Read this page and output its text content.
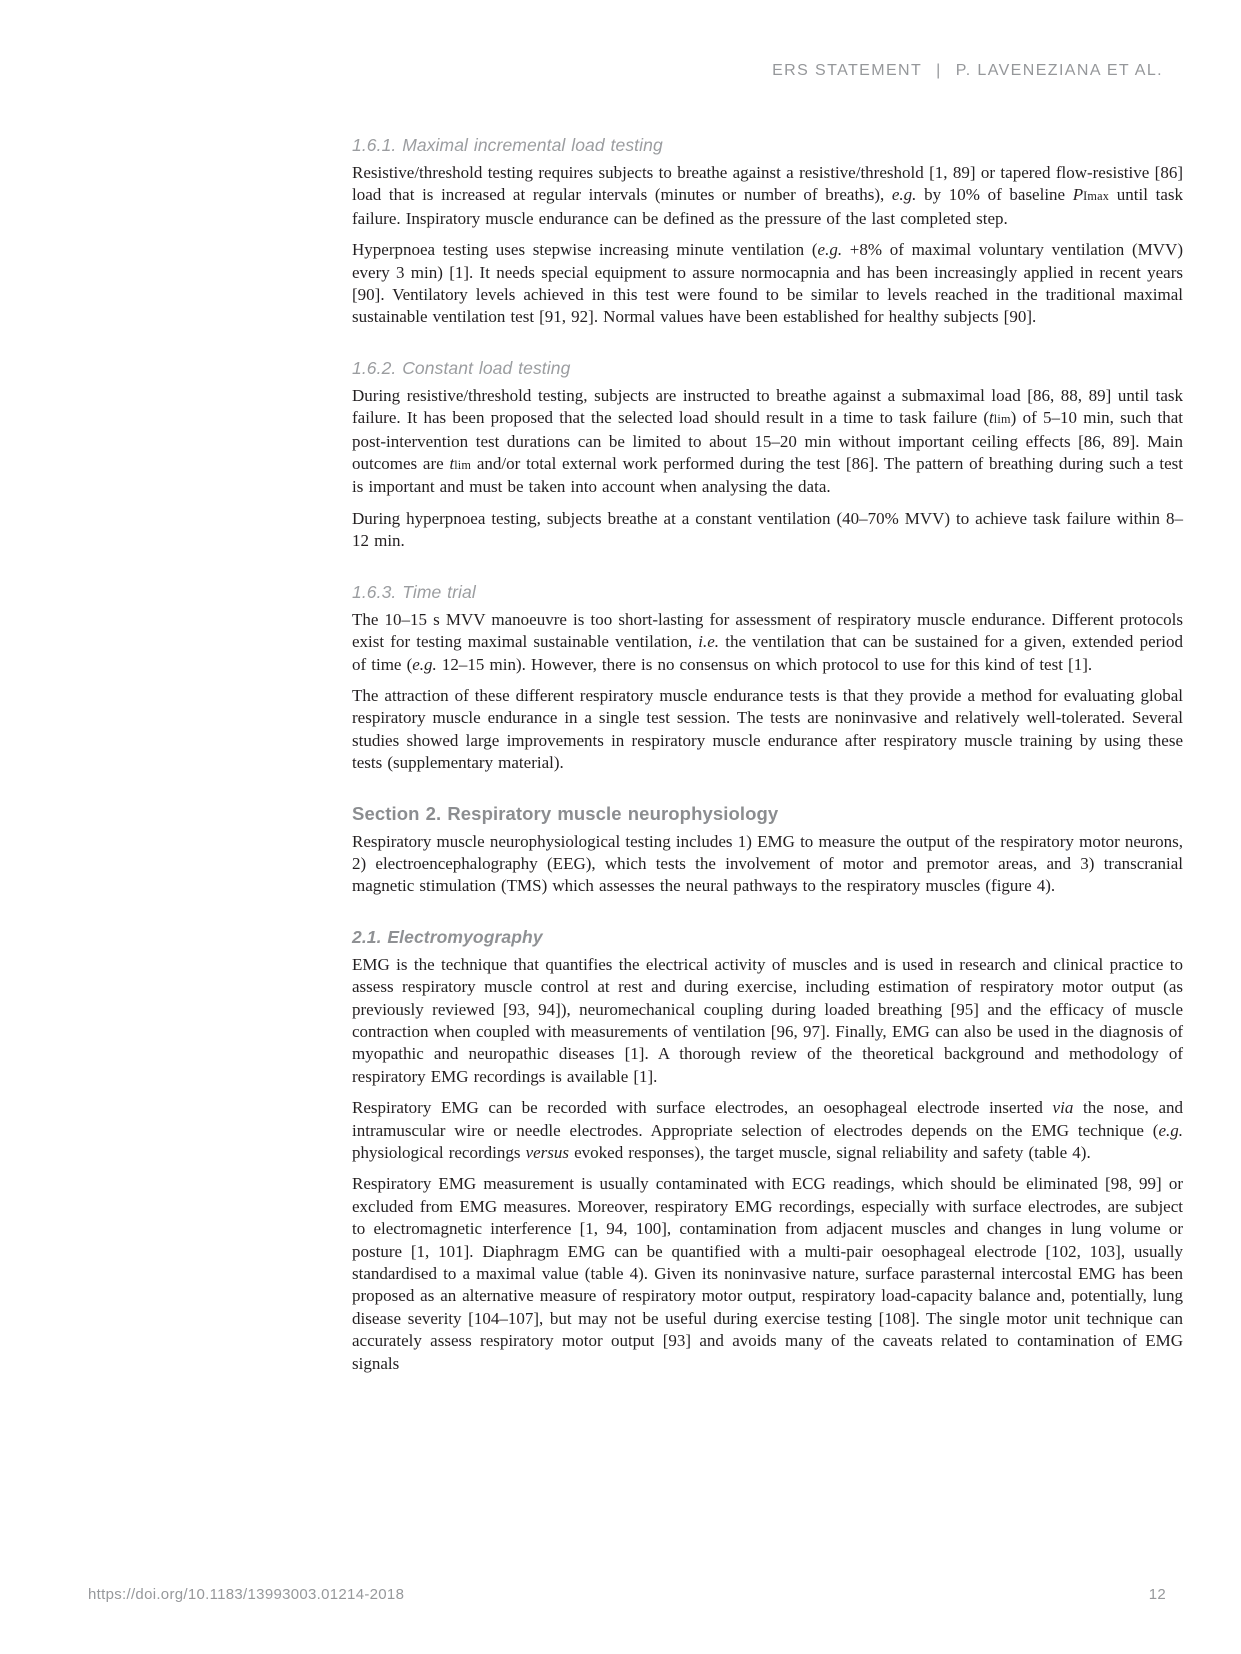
ERS STATEMENT | P. LAVENEZIANA ET AL.
1.6.1. Maximal incremental load testing

Resistive/threshold testing requires subjects to breathe against a resistive/threshold [1, 89] or tapered flow-resistive [86] load that is increased at regular intervals (minutes or number of breaths), e.g. by 10% of baseline PImax until task failure. Inspiratory muscle endurance can be defined as the pressure of the last completed step.

Hyperpnoea testing uses stepwise increasing minute ventilation (e.g. +8% of maximal voluntary ventilation (MVV) every 3 min) [1]. It needs special equipment to assure normocapnia and has been increasingly applied in recent years [90]. Ventilatory levels achieved in this test were found to be similar to levels reached in the traditional maximal sustainable ventilation test [91, 92]. Normal values have been established for healthy subjects [90].

1.6.2. Constant load testing

During resistive/threshold testing, subjects are instructed to breathe against a submaximal load [86, 88, 89] until task failure. It has been proposed that the selected load should result in a time to task failure (tlim) of 5–10 min, such that post-intervention test durations can be limited to about 15–20 min without important ceiling effects [86, 89]. Main outcomes are tlim and/or total external work performed during the test [86]. The pattern of breathing during such a test is important and must be taken into account when analysing the data.

During hyperpnoea testing, subjects breathe at a constant ventilation (40–70% MVV) to achieve task failure within 8–12 min.

1.6.3. Time trial

The 10–15 s MVV manoeuvre is too short-lasting for assessment of respiratory muscle endurance. Different protocols exist for testing maximal sustainable ventilation, i.e. the ventilation that can be sustained for a given, extended period of time (e.g. 12–15 min). However, there is no consensus on which protocol to use for this kind of test [1].

The attraction of these different respiratory muscle endurance tests is that they provide a method for evaluating global respiratory muscle endurance in a single test session. The tests are noninvasive and relatively well-tolerated. Several studies showed large improvements in respiratory muscle endurance after respiratory muscle training by using these tests (supplementary material).

Section 2. Respiratory muscle neurophysiology

Respiratory muscle neurophysiological testing includes 1) EMG to measure the output of the respiratory motor neurons, 2) electroencephalography (EEG), which tests the involvement of motor and premotor areas, and 3) transcranial magnetic stimulation (TMS) which assesses the neural pathways to the respiratory muscles (figure 4).

2.1. Electromyography

EMG is the technique that quantifies the electrical activity of muscles and is used in research and clinical practice to assess respiratory muscle control at rest and during exercise, including estimation of respiratory motor output (as previously reviewed [93, 94]), neuromechanical coupling during loaded breathing [95] and the efficacy of muscle contraction when coupled with measurements of ventilation [96, 97]. Finally, EMG can also be used in the diagnosis of myopathic and neuropathic diseases [1]. A thorough review of the theoretical background and methodology of respiratory EMG recordings is available [1].

Respiratory EMG can be recorded with surface electrodes, an oesophageal electrode inserted via the nose, and intramuscular wire or needle electrodes. Appropriate selection of electrodes depends on the EMG technique (e.g. physiological recordings versus evoked responses), the target muscle, signal reliability and safety (table 4).

Respiratory EMG measurement is usually contaminated with ECG readings, which should be eliminated [98, 99] or excluded from EMG measures. Moreover, respiratory EMG recordings, especially with surface electrodes, are subject to electromagnetic interference [1, 94, 100], contamination from adjacent muscles and changes in lung volume or posture [1, 101]. Diaphragm EMG can be quantified with a multi-pair oesophageal electrode [102, 103], usually standardised to a maximal value (table 4). Given its noninvasive nature, surface parasternal intercostal EMG has been proposed as an alternative measure of respiratory motor output, respiratory load-capacity balance and, potentially, lung disease severity [104–107], but may not be useful during exercise testing [108]. The single motor unit technique can accurately assess respiratory motor output [93] and avoids many of the caveats related to contamination of EMG signals

https://doi.org/10.1183/13993003.01214-2018	12
